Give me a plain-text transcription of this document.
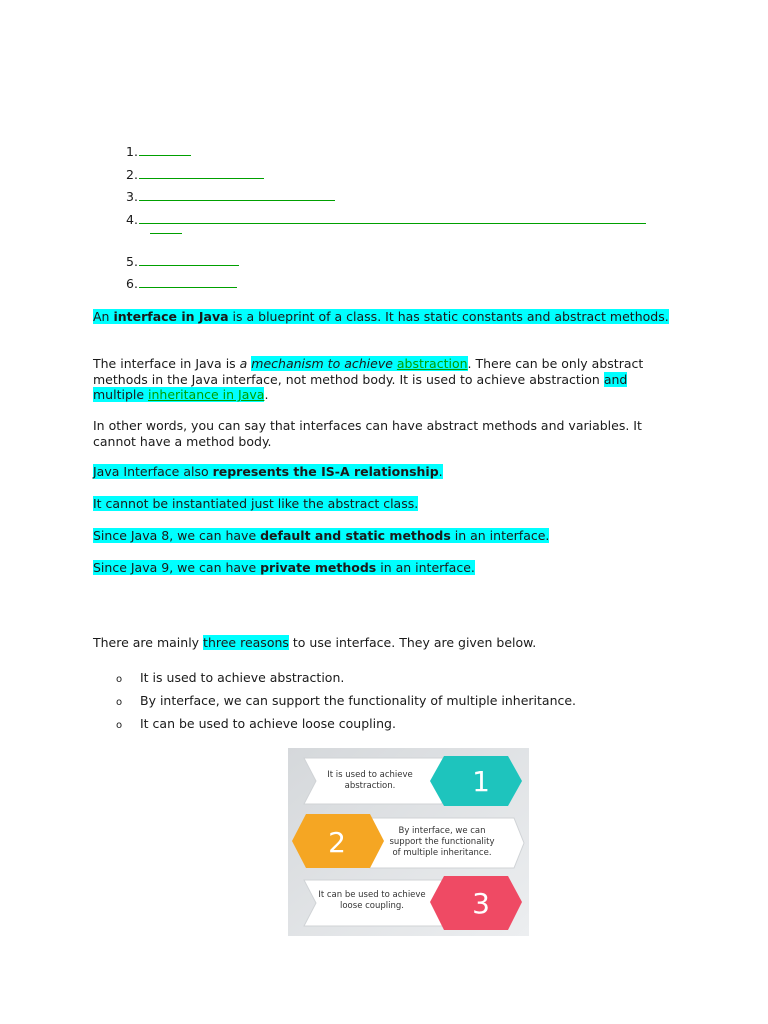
1.
2.
3.
4.
5.
6.
An interface in Java is a blueprint of a class. It has static constants and abstract methods.
The interface in Java is a mechanism to achieve abstraction. There can be only abstract methods in the Java interface, not method body. It is used to achieve abstraction and multiple inheritance in Java.
In other words, you can say that interfaces can have abstract methods and variables. It cannot have a method body.
Java Interface also represents the IS-A relationship.
It cannot be instantiated just like the abstract class.
Since Java 8, we can have default and static methods in an interface.
Since Java 9, we can have private methods in an interface.
There are mainly three reasons to use interface. They are given below.
o It is used to achieve abstraction.
o By interface, we can support the functionality of multiple inheritance.
o It can be used to achieve loose coupling.
1
It is used to achieve
abstraction.
2	By interface, we can
support the functionality
of multiple inheritance.
3
It can be used to achieve
loose coupling.
